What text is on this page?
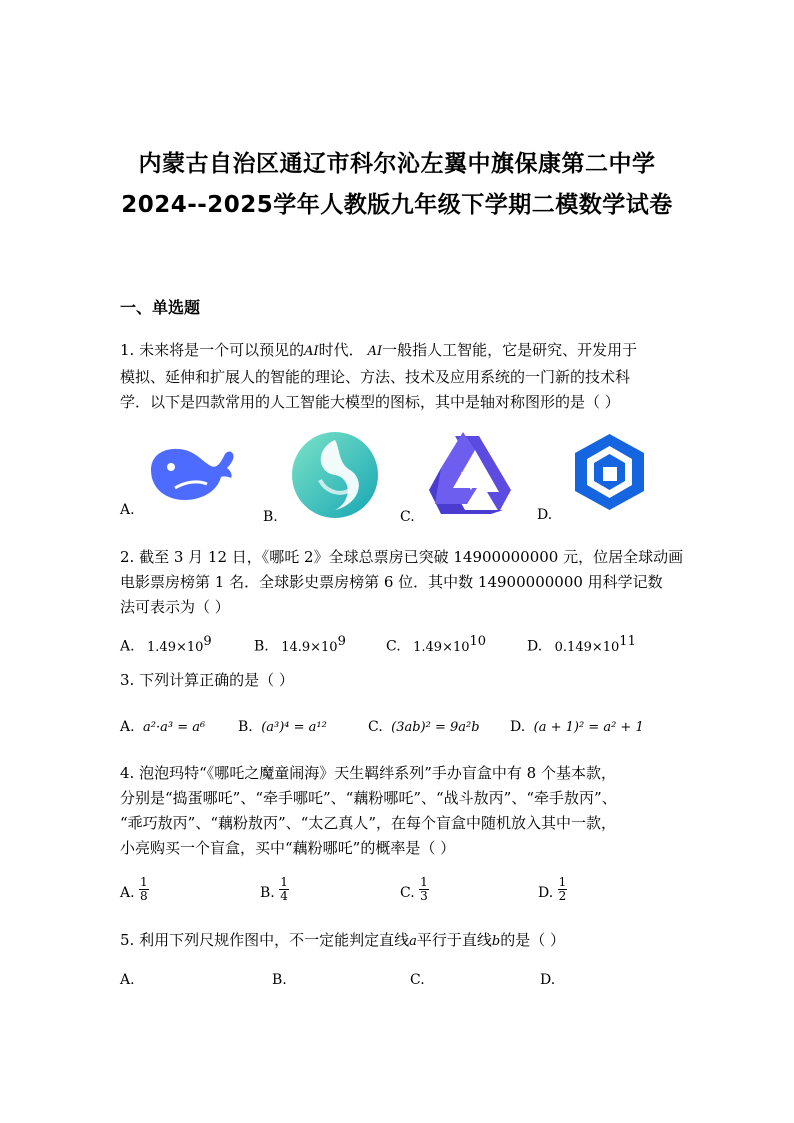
内蒙古自治区通辽市科尔沁左翼中旗保康第二中学
2024--2025学年人教版九年级下学期二模数学试卷
一、单选题
1. 未来将是一个可以预见的AI时代． AI一般指人工智能，它是研究、开发用于
模拟、延伸和扩展人的智能的理论、方法、技术及应用系统的一门新的技术科
学．以下是四款常用的人工智能大模型的图标，其中是轴对称图形的是（ ）
A.	B.	C.	D.
2. 截至 3 月 12 日，《哪吒 2》全球总票房已突破 14900000000 元，位居全球动画
电影票房榜第 1 名．全球影史票房榜第 6 位．其中数 14900000000 用科学记数
法可表示为（ ）
A. $1.49\times 10^9$	B. $14.9\times 10^9$	C. $1.49\times 10^{10}$	D. $0.149\times 10^{11}$
3. 下列计算正确的是（ ）
A. a²·a³ = a⁶ B. (a³)⁴ = a¹²	C. (3ab)² = 9a²b D. (a + 1)² = a² + 1
4. 泡泡玛特“《哪吒之魔童闹海》天生羁绊系列”手办盲盒中有 8 个基本款，
分别是“捣蛋哪吒”、“牵手哪吒”、“藕粉哪吒”、“战斗敖丙”、“牵手敖丙”、
“乖巧敖丙”、“藕粉敖丙”、“太乙真人”，在每个盲盒中随机放入其中一款，
小亮购买一个盲盒，买中“藕粉哪吒”的概率是（ ）
A. $\frac{1}{8}$	B. $\frac{1}{4}$	C. $\frac{1}{3}$	D. $\frac{1}{2}$
5. 利用下列尺规作图中，不一定能判定直线a平行于直线b的是（ ）
A.	B.	C.	D.
